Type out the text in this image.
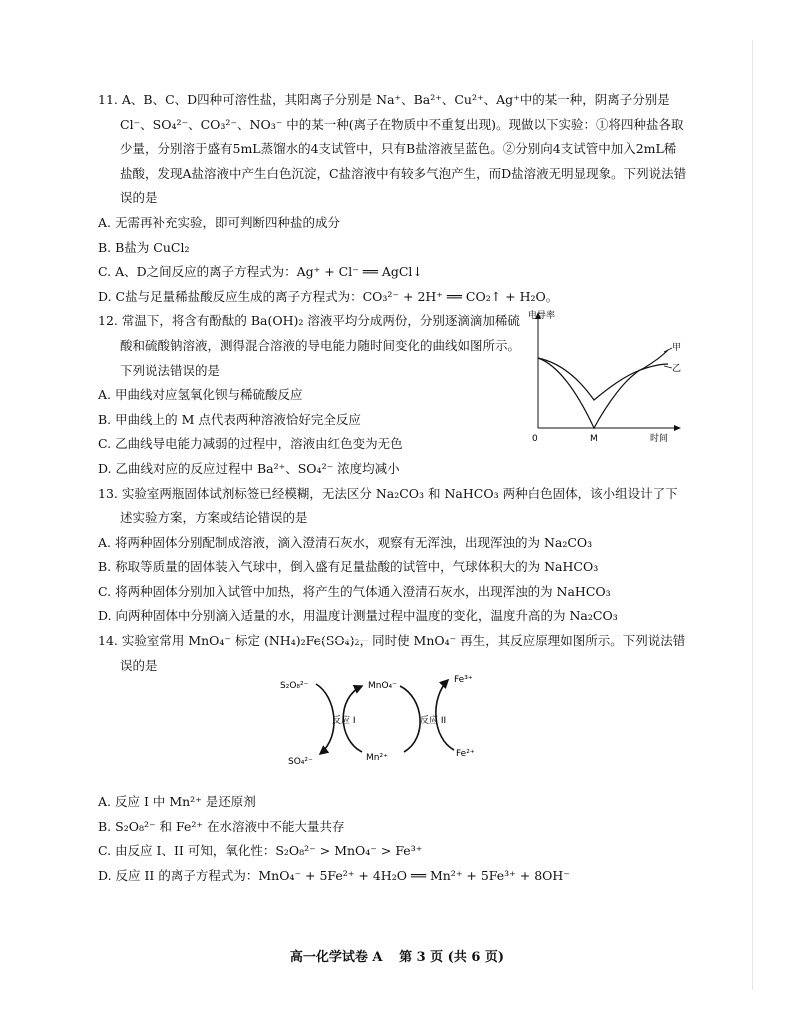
11. A、B、C、D四种可溶性盐，其阳离子分别是 Na⁺、Ba²⁺、Cu²⁺、Ag⁺中的某一种，阴离子分别是 Cl⁻、SO₄²⁻、CO₃²⁻、NO₃⁻ 中的某一种(离子在物质中不重复出现)。现做以下实验：①将四种盐各取少量，分别溶于盛有5mL蒸馏水的4支试管中，只有B盐溶液呈蓝色。②分别向4支试管中加入2mL稀盐酸，发现A盐溶液中产生白色沉淀，C盐溶液中有较多气泡产生，而D盐溶液无明显现象。下列说法错误的是

A. 无需再补充实验，即可判断四种盐的成分

B. B盐为 CuCl₂

C. A、D之间反应的离子方程式为：Ag⁺ + Cl⁻ ══ AgCl↓

D. C盐与足量稀盐酸反应生成的离子方程式为：CO₃²⁻ + 2H⁺ ══ CO₂↑ + H₂O。

12. 常温下，将含有酚酞的 Ba(OH)₂ 溶液平均分成两份，分别逐滴滴加稀硫酸和硫酸钠溶液，测得混合溶液的导电能力随时间变化的曲线如图所示。下列说法错误的是

A. 甲曲线对应氢氧化钡与稀硫酸反应

B. 甲曲线上的 M 点代表两种溶液恰好完全反应

C. 乙曲线导电能力减弱的过程中，溶液由红色变为无色

D. 乙曲线对应的反应过程中 Ba²⁺、SO₄²⁻ 浓度均减小

13. 实验室两瓶固体试剂标签已经模糊，无法区分 Na₂CO₃ 和 NaHCO₃ 两种白色固体，该小组设计了下述实验方案，方案或结论错误的是

A. 将两种固体分别配制成溶液，滴入澄清石灰水，观察有无浑浊，出现浑浊的为 Na₂CO₃

B. 称取等质量的固体装入气球中，倒入盛有足量盐酸的试管中，气球体积大的为 NaHCO₃

C. 将两种固体分别加入试管中加热，将产生的气体通入澄清石灰水，出现浑浊的为 NaHCO₃

D. 向两种固体中分别滴入适量的水，用温度计测量过程中温度的变化，温度升高的为 Na₂CO₃

14. 实验室常用 MnO₄⁻ 标定 (NH₄)₂Fe(SO₄)₂，同时使 MnO₄⁻ 再生，其反应原理如图所示。下列说法错误的是

A. 反应 I 中 Mn²⁺ 是还原剂

B. S₂O₈²⁻ 和 Fe²⁺ 在水溶液中不能大量共存

C. 由反应 I、II 可知，氧化性：S₂O₈²⁻ > MnO₄⁻ > Fe³⁺

D. 反应 II 的离子方程式为：MnO₄⁻ + 5Fe²⁺ + 4H₂O ══ Mn²⁺ + 5Fe³⁺ + 8OH⁻

电导率
时间
0	M
甲
乙
S₂O₈²⁻
SO₄²⁻
MnO₄⁻
Mn²⁺
Fe³⁺
Fe²⁺
反应 I	反应 II
高一化学试卷 A 第 3 页 (共 6 页)
